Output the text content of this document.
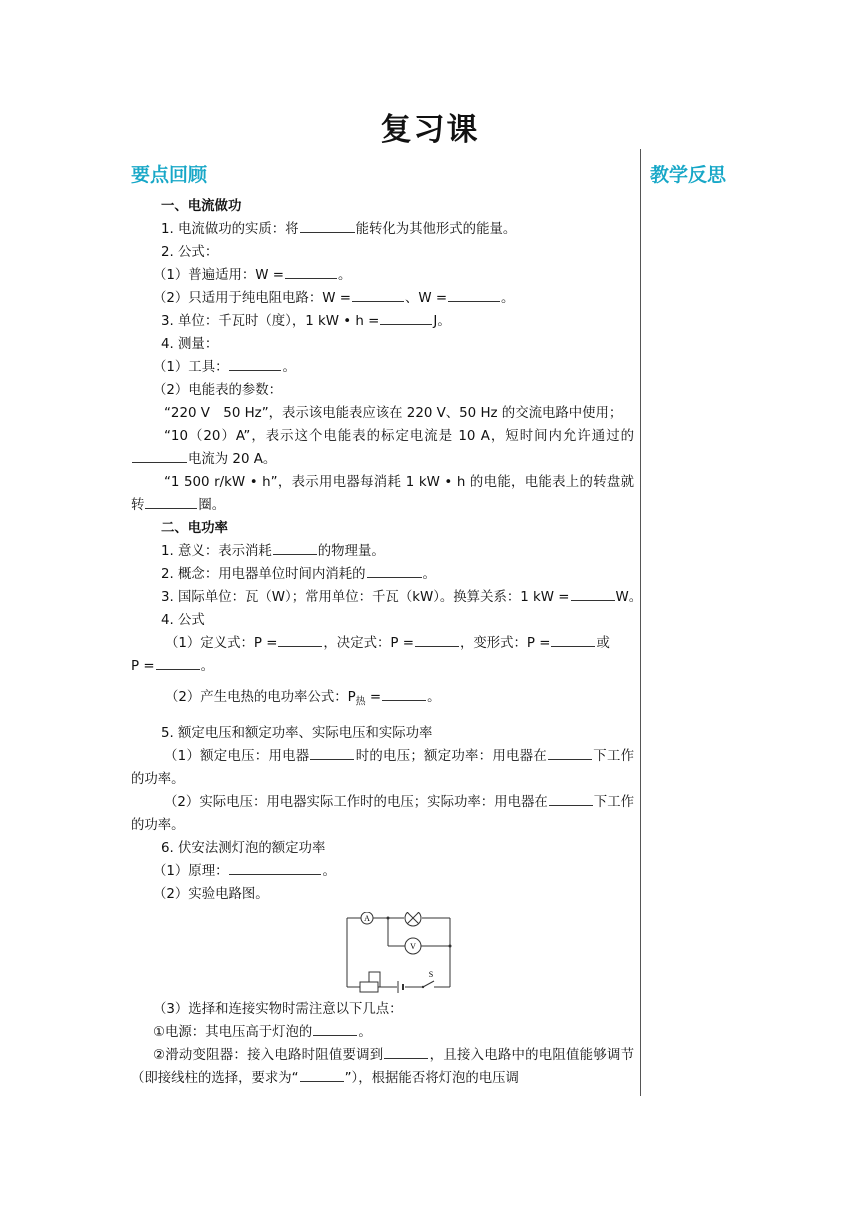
复习课
要点回顾	教学反思
一、电流做功
1. 电流做功的实质：将	能转化为其他形式的能量。
2. 公式：
（1）普遍适用：W =	。
（2）只适用于纯电阻电路：W =	、W =	。
3. 单位：千瓦时（度），1 kW • h =	J。
4. 测量：
（1）工具：	。
（2）电能表的参数：
“220 V　50 Hz”，表示该电能表应该在 220 V、50 Hz 的交流电路中使用；
“10（20）A”，表示这个电能表的标定电流是 10 A，短时间内允许通过的电流为 20 A。
“1 500 r/kW • h”，表示用电器每消耗 1 kW • h 的电能，电能表上的转盘就转	圈。
二、电功率
1. 意义：表示消耗	的物理量。
2. 概念：用电器单位时间内消耗的	。
3. 国际单位：瓦（W）；常用单位：千瓦（kW）。换算关系：1 kW =	W。
4. 公式
（1）定义式：P =	，决定式：P =	，变形式：P =	或
P =	。
（2）产生电热的电功率公式：$P_热$ =	。
5. 额定电压和额定功率、实际电压和实际功率
（1）额定电压：用电器	时的电压；额定功率：用电器在	下工作的功率。
（2）实际电压：用电器实际工作时的电压；实际功率：用电器在	下工作的功率。
6. 伏安法测灯泡的额定功率
（1）原理：	。
（2）实验电路图。
A
V
S
（3）选择和连接实物时需注意以下几点：
①电源：其电压高于灯泡的	。
②滑动变阻器：接入电路时阻值要调到	，且接入电路中的电阻值能够调节（即接线柱的选择，要求为“	”），根据能否将灯泡的电压调
